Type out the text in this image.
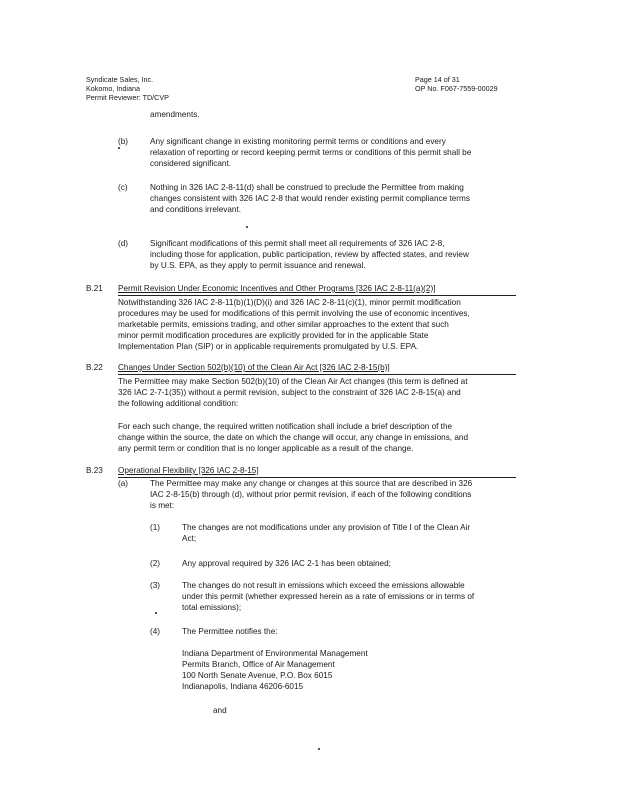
Syndicate Sales, Inc.
Kokomo, Indiana
Permit Reviewer: TD/CVP
Page 14 of 31
OP No. F067-7559-00029
amendments.
(b)	Any significant change in existing monitoring permit terms or conditions and every
relaxation of reporting or record keeping permit terms or conditions of this permit shall be
considered significant.
(c)	Nothing in 326 IAC 2-8-11(d) shall be construed to preclude the Permittee from making
changes consistent with 326 IAC 2-8 that would render existing permit compliance terms
and conditions irrelevant.
(d)	Significant modifications of this permit shall meet all requirements of 326 IAC 2-8,
including those for application, public participation, review by affected states, and review
by U.S. EPA, as they apply to permit issuance and renewal.
B.21 Permit Revision Under Economic Incentives and Other Programs [326 IAC 2-8-11(a)(2)]
Notwithstanding 326 IAC 2-8-11(b)(1)(D)(i) and 326 IAC 2-8-11(c)(1), minor permit modification
procedures may be used for modifications of this permit involving the use of economic incentives,
marketable permits, emissions trading, and other similar approaches to the extent that such
minor permit modification procedures are explicitly provided for in the applicable State
Implementation Plan (SIP) or in applicable requirements promulgated by U.S. EPA.
B.22 Changes Under Section 502(b)(10) of the Clean Air Act [326 IAC 2-8-15(b)]
The Permittee may make Section 502(b)(10) of the Clean Air Act changes (this term is defined at
326 IAC 2-7-1(35)) without a permit revision, subject to the constraint of 326 IAC 2-8-15(a) and
the following additional condition:
For each such change, the required written notification shall include a brief description of the
change within the source, the date on which the change will occur, any change in emissions, and
any permit term or condition that is no longer applicable as a result of the change.
B.23 Operational Flexibility [326 IAC 2-8-15]
(a)	The Permittee may make any change or changes at this source that are described in 326
IAC 2-8-15(b) through (d), without prior permit revision, if each of the following conditions
is met:
(1)	The changes are not modifications under any provision of Title I of the Clean Air
Act;
(2)	Any approval required by 326 IAC 2-1 has been obtained;
(3)	The changes do not result in emissions which exceed the emissions allowable
under this permit (whether expressed herein as a rate of emissions or in terms of
total emissions);
(4)	The Permittee notifies the:
Indiana Department of Environmental Management
Permits Branch, Office of Air Management
100 North Senate Avenue, P.O. Box 6015
Indianapolis, Indiana 46206-6015
and
